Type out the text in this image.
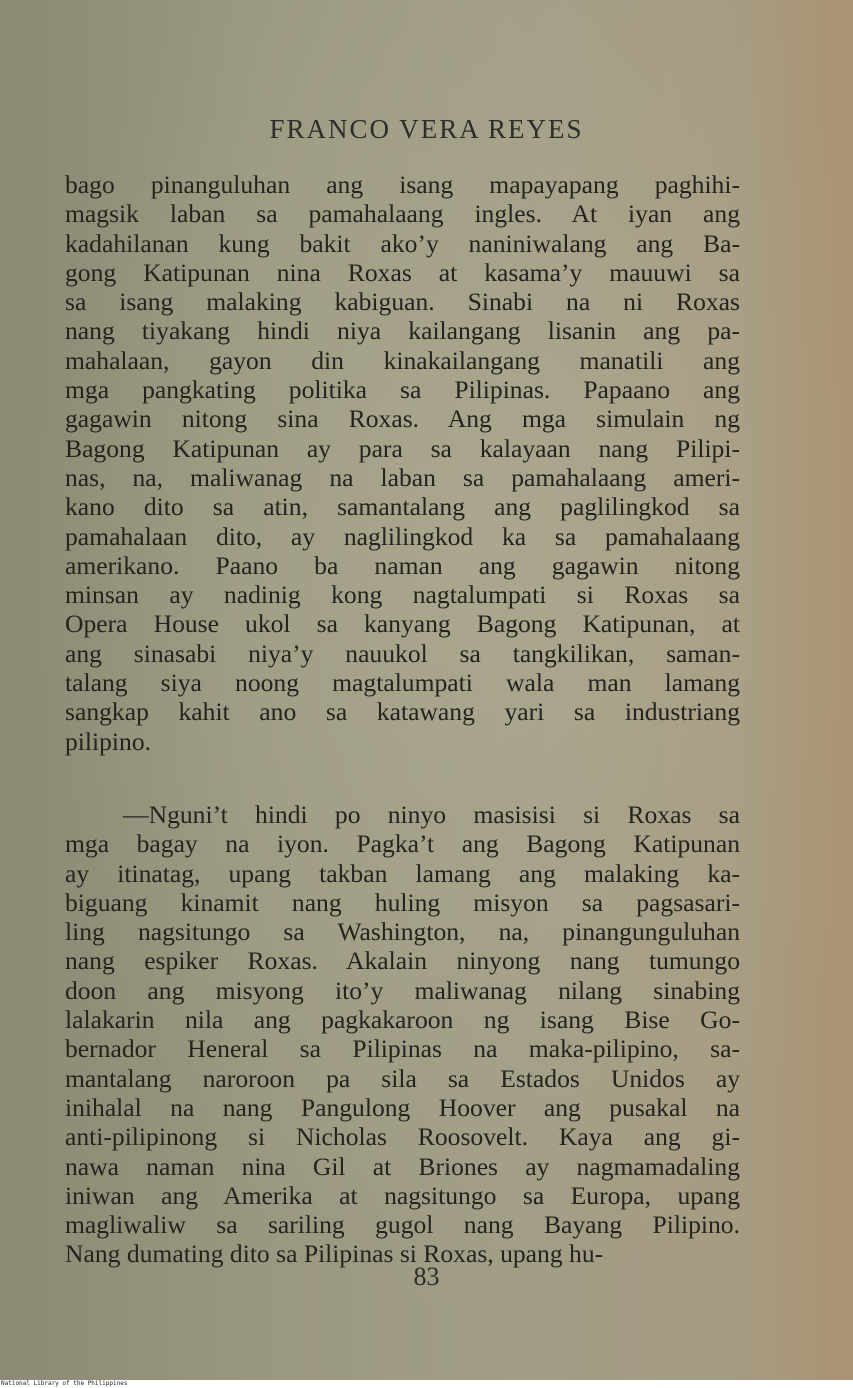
FRANCO VERA REYES
bago pinanguluhan ang isang mapayapang paghihi-
magsik laban sa pamahalaang ingles. At iyan ang
kadahilanan kung bakit ako’y naniniwalang ang Ba-
gong Katipunan nina Roxas at kasama’y mauuwi sa
sa isang malaking kabiguan. Sinabi na ni Roxas
nang tiyakang hindi niya kailangang lisanin ang pa-
mahalaan, gayon din kinakailangang manatili ang
mga pangkating politika sa Pilipinas. Papaano ang
gagawin nitong sina Roxas. Ang mga simulain ng
Bagong Katipunan ay para sa kalayaan nang Pilipi-
nas, na, maliwanag na laban sa pamahalaang ameri-
kano dito sa atin, samantalang ang paglilingkod sa
pamahalaan dito, ay naglilingkod ka sa pamahalaang
amerikano. Paano ba naman ang gagawin nitong
minsan ay nadinig kong nagtalumpati si Roxas sa
Opera House ukol sa kanyang Bagong Katipunan, at
ang sinasabi niya’y nauukol sa tangkilikan, saman-
talang siya noong magtalumpati wala man lamang
sangkap kahit ano sa katawang yari sa industriang
pilipino.
—Nguni’t hindi po ninyo masisisi si Roxas sa
mga bagay na iyon. Pagka’t ang Bagong Katipunan
ay itinatag, upang takban lamang ang malaking ka-
biguang kinamit nang huling misyon sa pagsasari-
ling nagsitungo sa Washington, na, pinangunguluhan
nang espiker Roxas. Akalain ninyong nang tumungo
doon ang misyong ito’y maliwanag nilang sinabing
lalakarin nila ang pagkakaroon ng isang Bise Go-
bernador Heneral sa Pilipinas na maka-pilipino, sa-
mantalang naroroon pa sila sa Estados Unidos ay
inihalal na nang Pangulong Hoover ang pusakal na
anti-pilipinong si Nicholas Roosovelt. Kaya ang gi-
nawa naman nina Gil at Briones ay nagmamadaling
iniwan ang Amerika at nagsitungo sa Europa, upang
magliwaliw sa sariling gugol nang Bayang Pilipino.
Nang dumating dito sa Pilipinas si Roxas, upang hu-
83
National Library of the Philippines
